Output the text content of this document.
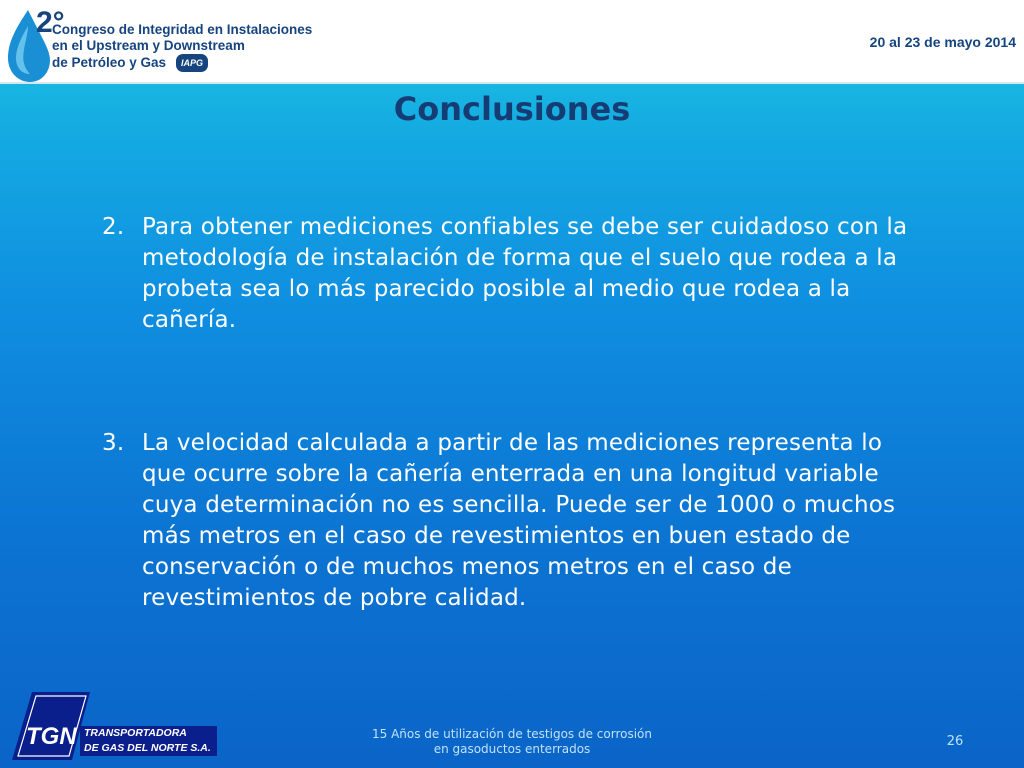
2°
Congreso de Integridad en Instalaciones
en el Upstream y Downstream
de Petróleo y Gas IAPG
20 al 23 de mayo 2014
Conclusiones
2. Para obtener mediciones confiables se debe ser cuidadoso con la metodología de instalación de forma que el suelo que rodea a la probeta sea lo más parecido posible al medio que rodea a la cañería.
3. La velocidad calculada a partir de las mediciones representa lo que ocurre sobre la cañería enterrada en una longitud variable cuya determinación no es sencilla. Puede ser de 1000 o muchos más metros en el caso de revestimientos en buen estado de conservación o de muchos menos metros en el caso de revestimientos de pobre calidad.
TGN TRANSPORTADORA
DE GAS DEL NORTE S.A.
15 Años de utilización de testigos de corrosión
en gasoductos enterrados	26
